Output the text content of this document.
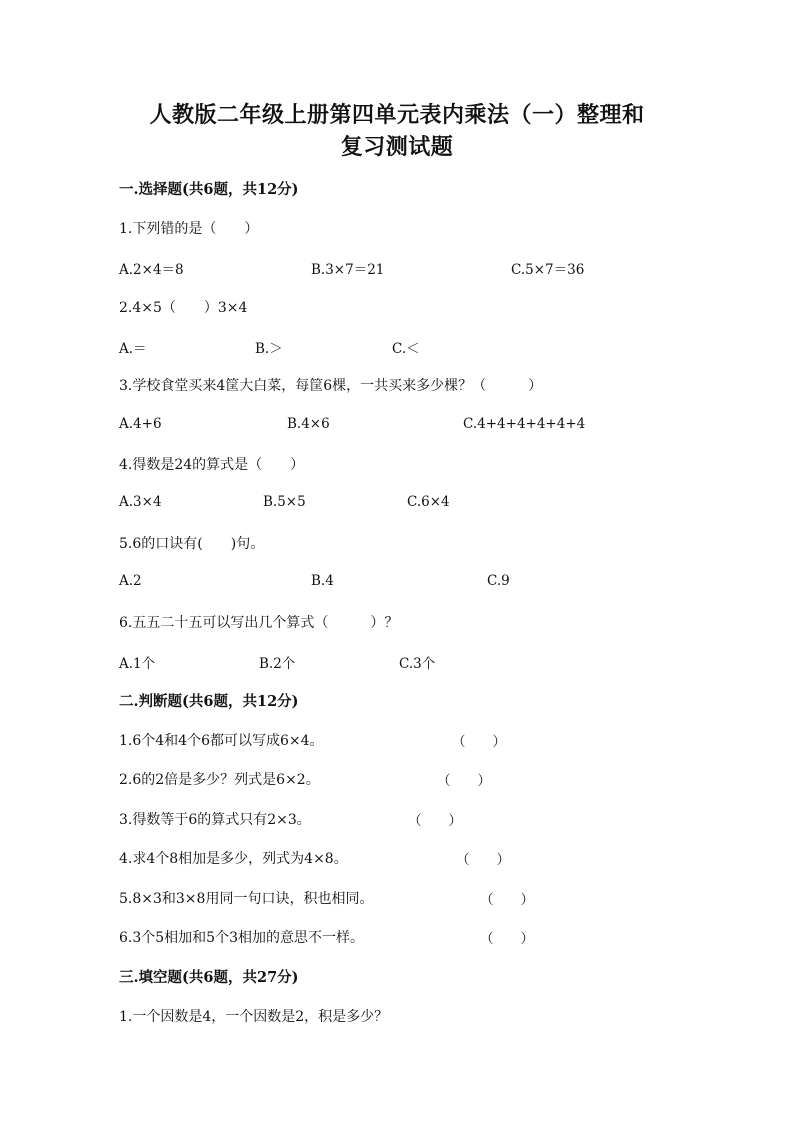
人教版二年级上册第四单元表内乘法（一）整理和
复习测试题
一.选择题(共6题，共12分)
1.下列错的是（　　）
A.2×4＝8	B.3×7＝21	C.5×7＝36
2.4×5（　　）3×4
A.＝	B.＞	C.＜
3.学校食堂买来4筐大白菜，每筐6棵，一共买来多少棵？（　　　）
A.4+6	B.4×6	C.4+4+4+4+4+4
4.得数是24的算式是（　　）
A.3×4	B.5×5	C.6×4
5.6的口诀有(　　)句。
A.2	B.4	C.9
6.五五二十五可以写出几个算式（　　　）？
A.1个	B.2个	C.3个
二.判断题(共6题，共12分)
1.6个4和4个6都可以写成6×4。	（　　）
2.6的2倍是多少？列式是6×2。	（　　）
3.得数等于6的算式只有2×3。	（　　）
4.求4个8相加是多少，列式为4×8。	（　　）
5.8×3和3×8用同一句口诀，积也相同。	（　　）
6.3个5相加和5个3相加的意思不一样。	（　　）
三.填空题(共6题，共27分)
1.一个因数是4，一个因数是2，积是多少？
